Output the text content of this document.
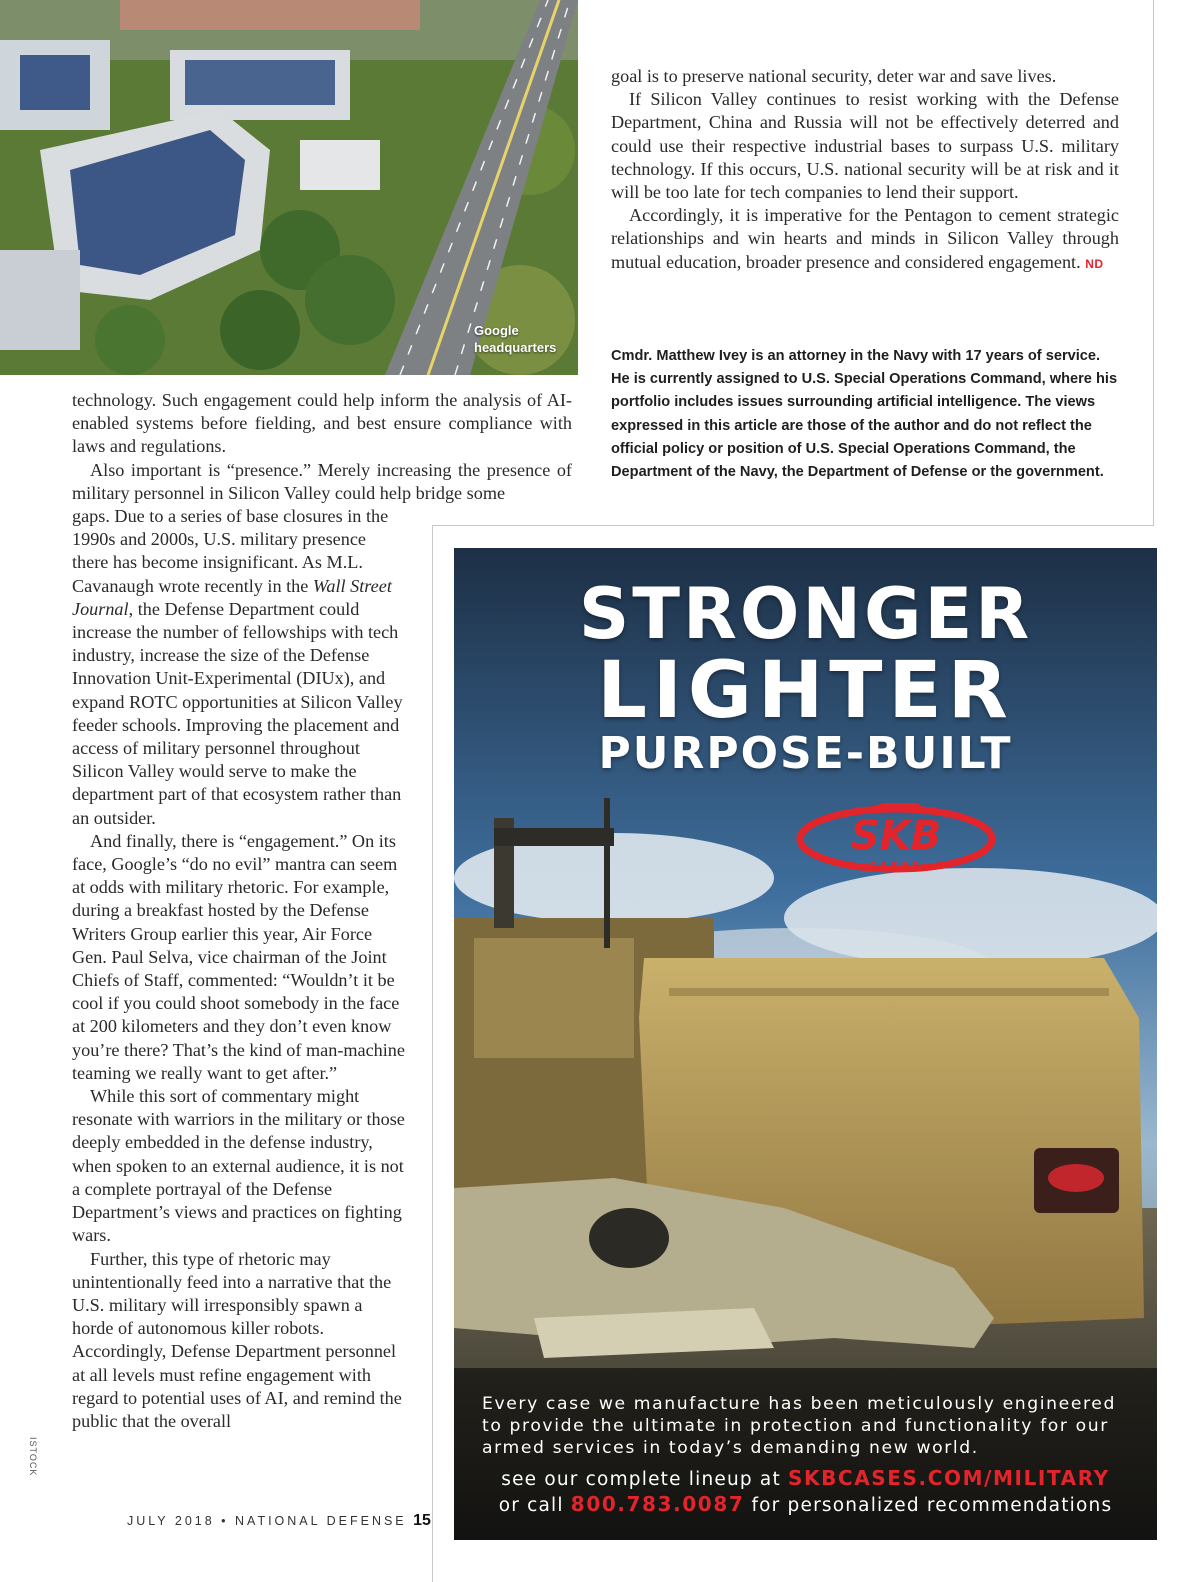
Google
headquarters

technology. Such engagement could help inform the analysis of AI-enabled systems before fielding, and best ensure compliance with laws and regulations.

Also important is “presence.” Merely increasing the presence of military personnel in Silicon Valley could help bridge some

gaps. Due to a series of base closures in the 1990s and 2000s, U.S. military presence there has become insignificant. As M.L. Cavanaugh wrote recently in the Wall Street Journal, the Defense Department could increase the number of fellowships with tech industry, increase the size of the Defense Innovation Unit-Experimental (DIUx), and expand ROTC opportunities at Silicon Valley feeder schools. Improving the placement and access of military personnel throughout Silicon Valley would serve to make the department part of that ecosystem rather than an outsider.

And finally, there is “engagement.” On its face, Google’s “do no evil” mantra can seem at odds with military rhetoric. For example, during a breakfast hosted by the Defense Writers Group earlier this year, Air Force Gen. Paul Selva, vice chairman of the Joint Chiefs of Staff, commented: “Wouldn’t it be cool if you could shoot somebody in the face at 200 kilometers and they don’t even know you’re there? That’s the kind of man-machine teaming we really want to get after.”

While this sort of commentary might resonate with warriors in the military or those deeply embedded in the defense industry, when spoken to an external audience, it is not a complete portrayal of the Defense Department’s views and practices on fighting wars.

Further, this type of rhetoric may unintentionally feed into a narrative that the U.S. military will irresponsibly spawn a horde of autonomous killer robots. Accordingly, Defense Department personnel at all levels must refine engagement with regard to potential uses of AI, and remind the public that the overall

goal is to preserve national security, deter war and save lives.

If Silicon Valley continues to resist working with the Defense Department, China and Russia will not be effectively deterred and could use their respective industrial bases to surpass U.S. military technology. If this occurs, U.S. national security will be at risk and it will be too late for tech companies to lend their support.

Accordingly, it is imperative for the Pentagon to cement strategic relationships and win hearts and minds in Silicon Valley through mutual education, broader presence and considered engagement. ND

Cmdr. Matthew Ivey is an attorney in the Navy with 17 years of service. He is currently assigned to U.S. Special Operations Command, where his portfolio includes issues surrounding artificial intelligence. The views expressed in this article are those of the author and do not reflect the official policy or position of U.S. Special Operations Command, the Department of the Navy, the Department of Defense or the government.
STRONGER
LIGHTER
PURPOSE-BUILT
SKB
CASES
Every case we manufacture has been meticulously engineered to provide the ultimate in protection and functionality for our armed services in today’s demanding new world.
see our complete lineup at SKBCASES.COM/MILITARY
or call 800.783.0087 for personalized recommendations
ISTOCK
JULY 2018 • NATIONAL DEFENSE 15
